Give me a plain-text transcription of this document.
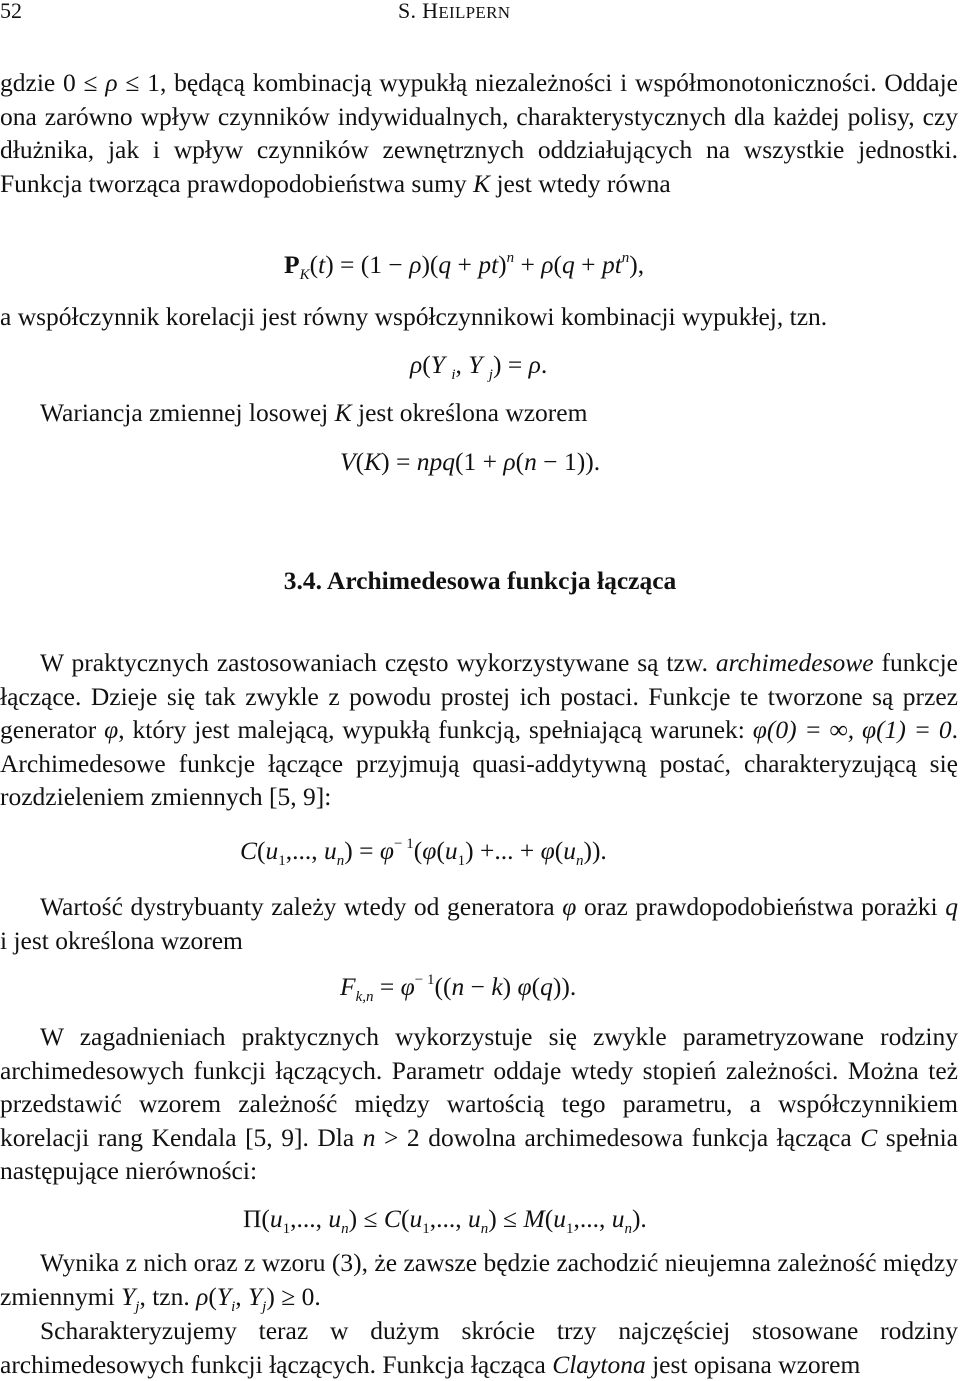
52	S. HEILPERN

gdzie 0 ≤ ρ ≤ 1, będącą kombinacją wypukłą niezależności i współmonotoniczności. Oddaje ona zarówno wpływ czynników indywidualnych, charakterystycznych dla każdej polisy, czy dłużnika, jak i wpływ czynników zewnętrznych oddziałujących na wszystkie jednostki. Funkcja tworząca prawdopodobieństwa sumy K jest wtedy równa

$P_K(t) = (1 - \rho)(q + pt)^n + \rho(q + pt^n)$,

a współczynnik korelacji jest równy współczynnikowi kombinacji wypukłej, tzn.

ρ(Y $_i$, Y $_j$) = ρ.

Wariancja zmiennej losowej K jest określona wzorem

V(K) = npq(1 + ρ(n − 1)).
3.4. Archimedesowa funkcja łącząca

W praktycznych zastosowaniach często wykorzystywane są tzw. archimedesowe funkcje łączące. Dzieje się tak zwykle z powodu prostej ich postaci. Funkcje te tworzone są przez generator φ, który jest malejącą, wypukłą funkcją, spełniającą warunek: φ(0) = ∞, φ(1) = 0. Archimedesowe funkcje łączące przyjmują quasi-addytywną postać, charakteryzującą się rozdzieleniem zmiennych [5, 9]:

$C(u_1$,..., $u_n) = \varphi^{- 1}(\varphi(u_1)$ +... + $\varphi(u_n)$).

Wartość dystrybuanty zależy wtedy od generatora φ oraz prawdopodobieństwa porażki q i jest określona wzorem

$F_{k,n} = \varphi^{- 1}((n - k)$ φ(q)).

W zagadnieniach praktycznych wykorzystuje się zwykle parametryzowane rodziny archimedesowych funkcji łączących. Parametr oddaje wtedy stopień zależności. Można też przedstawić wzorem zależność między wartością tego parametru, a współczynnikiem korelacji rang Kendala [5, 9]. Dla n > 2 dowolna archimedesowa funkcja łącząca C spełnia następujące nierówności:

$\Pi(u_1$,..., $u_n) \le C(u_1$,..., $u_n) \le M(u_1$,..., $u_n$).

Wynika z nich oraz z wzoru (3), że zawsze będzie zachodzić nieujemna zależność między zmiennymi $Y_j$, tzn. $\rho(Y_i$, $Y_j) \ge 0$.

Scharakteryzujemy teraz w dużym skrócie trzy najczęściej stosowane rodziny archimedesowych funkcji łączących. Funkcja łącząca Claytona jest opisana wzorem
